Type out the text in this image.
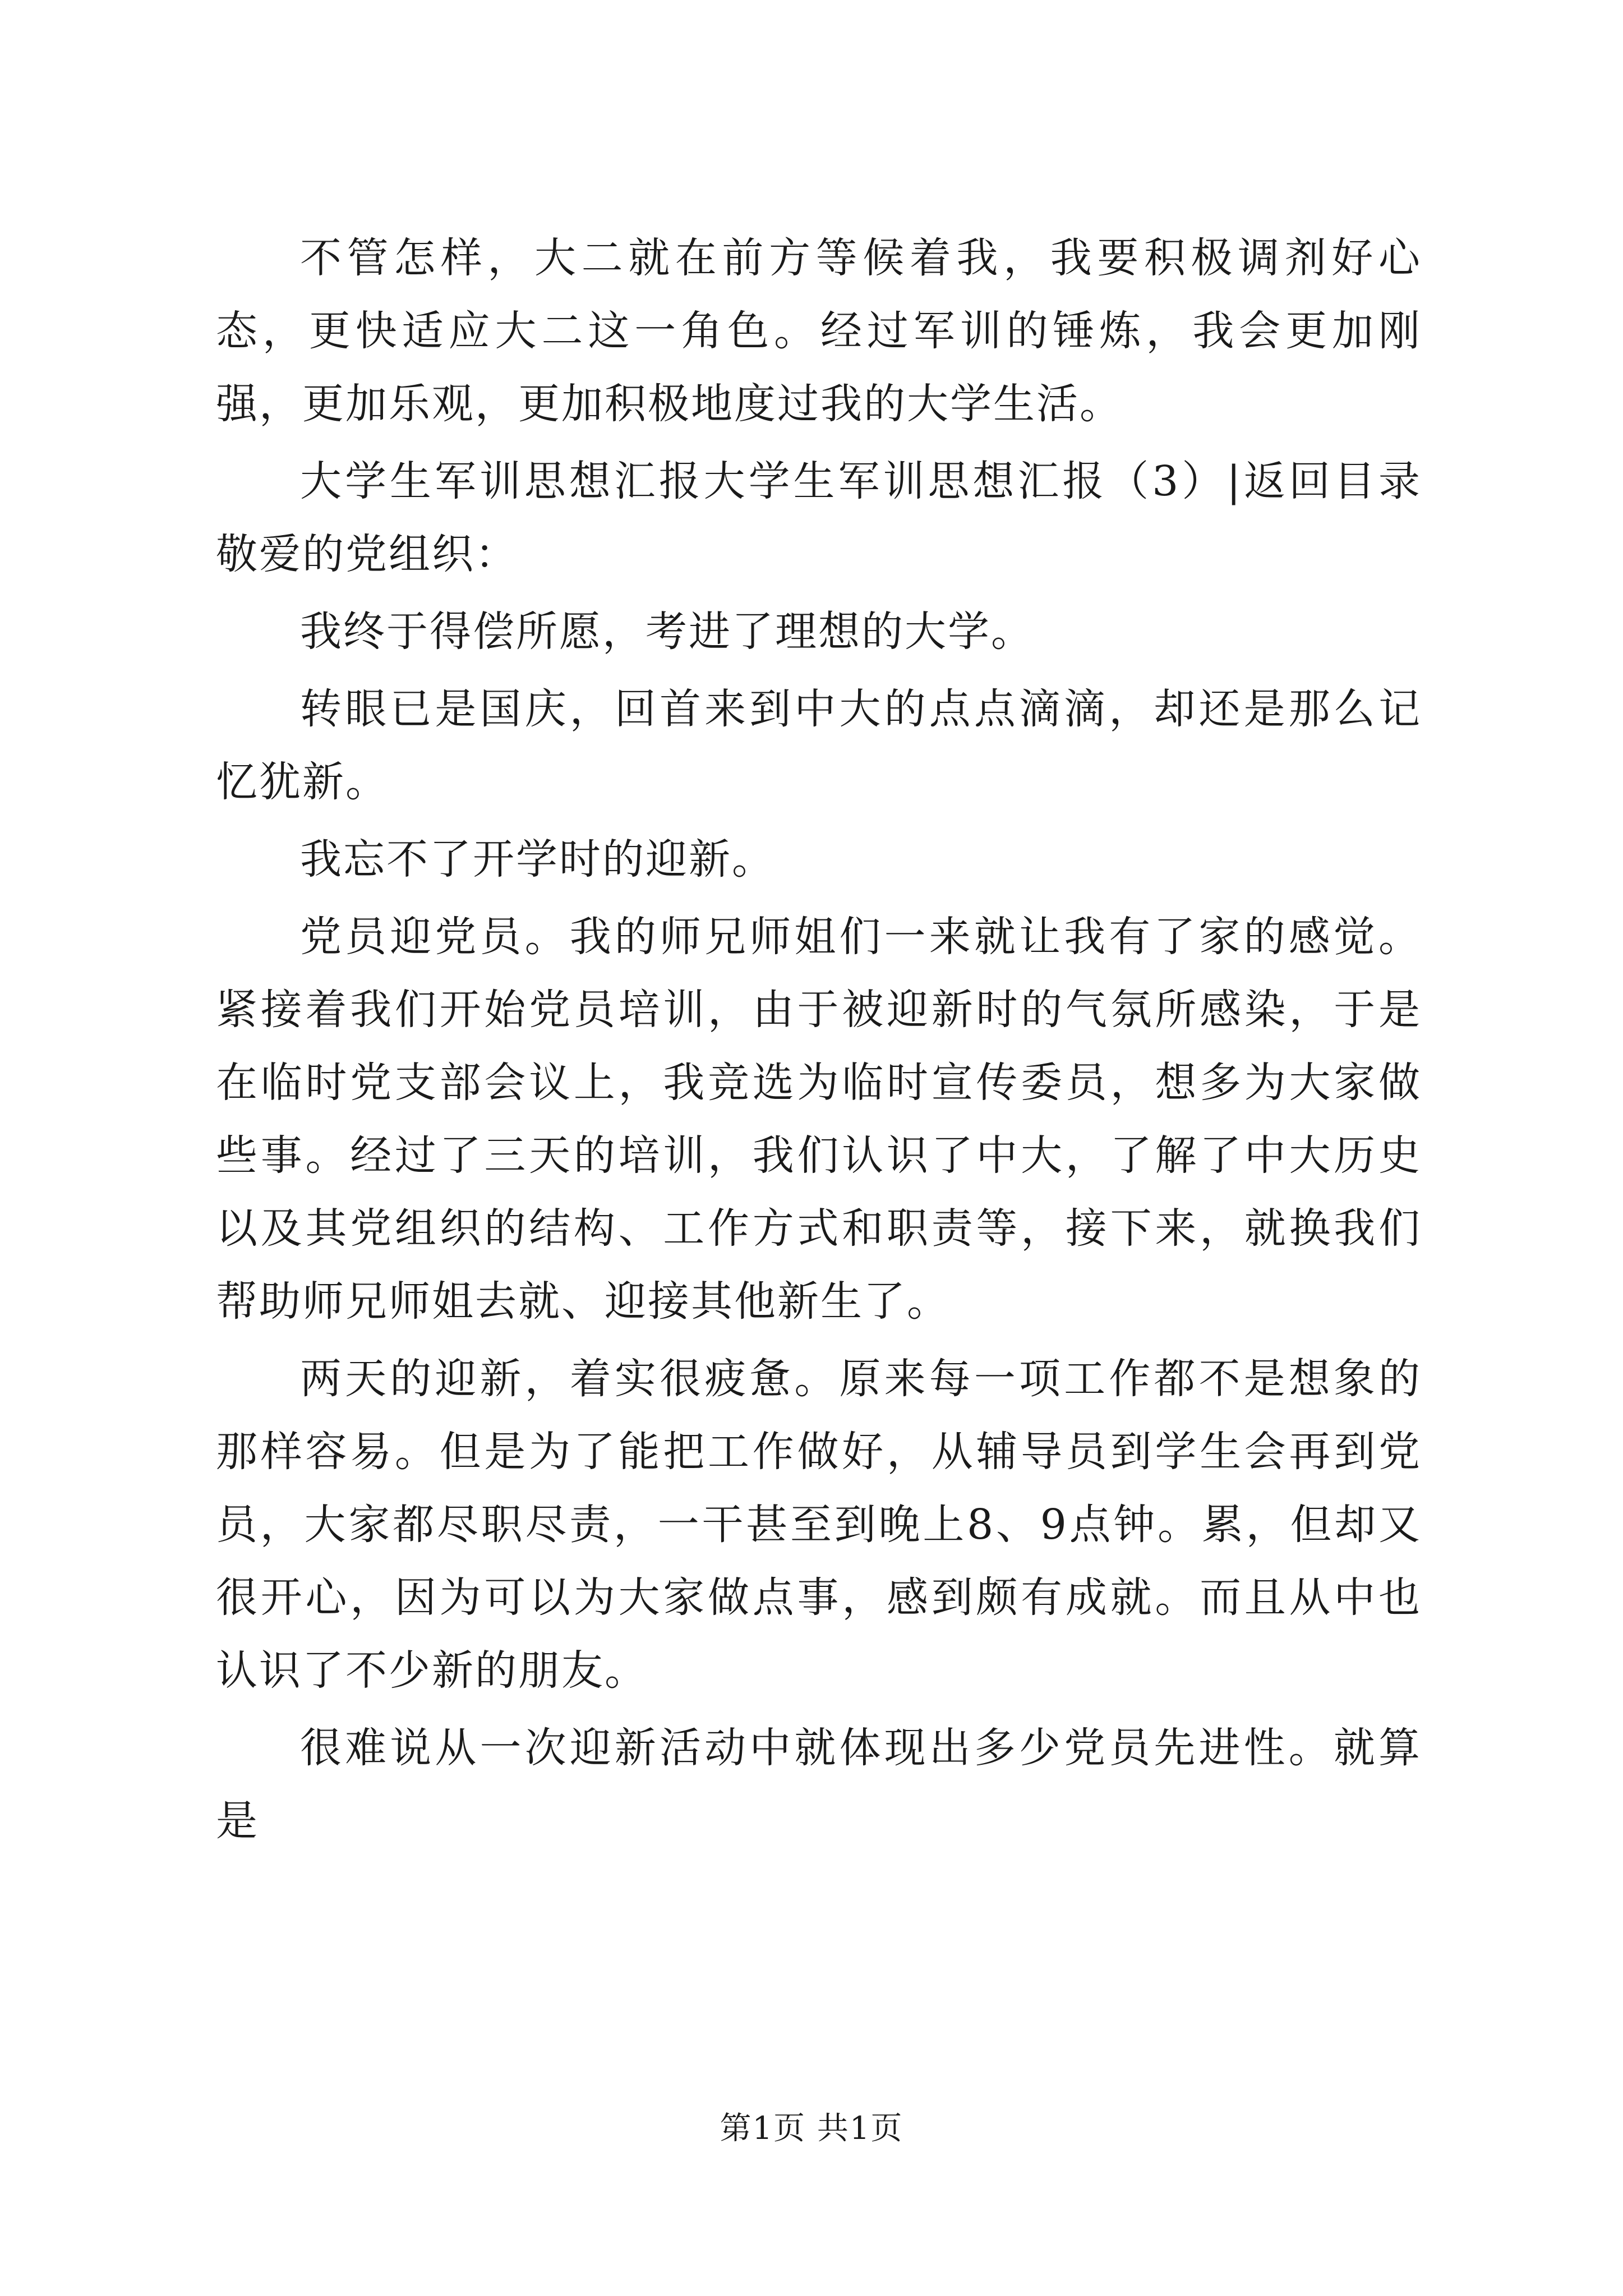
不管怎样，大二就在前方等候着我，我要积极调剂好心态，更快适应大二这一角色。经过军训的锤炼，我会更加刚强，更加乐观，更加积极地度过我的大学生活。

大学生军训思想汇报大学生军训思想汇报（3）|返回目录敬爱的党组织：

我终于得偿所愿，考进了理想的大学。

转眼已是国庆，回首来到中大的点点滴滴，却还是那么记忆犹新。

我忘不了开学时的迎新。

党员迎党员。我的师兄师姐们一来就让我有了家的感觉。紧接着我们开始党员培训，由于被迎新时的气氛所感染，于是在临时党支部会议上，我竞选为临时宣传委员，想多为大家做些事。经过了三天的培训，我们认识了中大，了解了中大历史以及其党组织的结构、工作方式和职责等，接下来，就换我们帮助师兄师姐去就、迎接其他新生了。

两天的迎新，着实很疲惫。原来每一项工作都不是想象的那样容易。但是为了能把工作做好，从辅导员到学生会再到党员，大家都尽职尽责，一干甚至到晚上8、9点钟。累，但却又很开心，因为可以为大家做点事，感到颇有成就。而且从中也认识了不少新的朋友。

很难说从一次迎新活动中就体现出多少党员先进性。就算是

第1页 共1页
